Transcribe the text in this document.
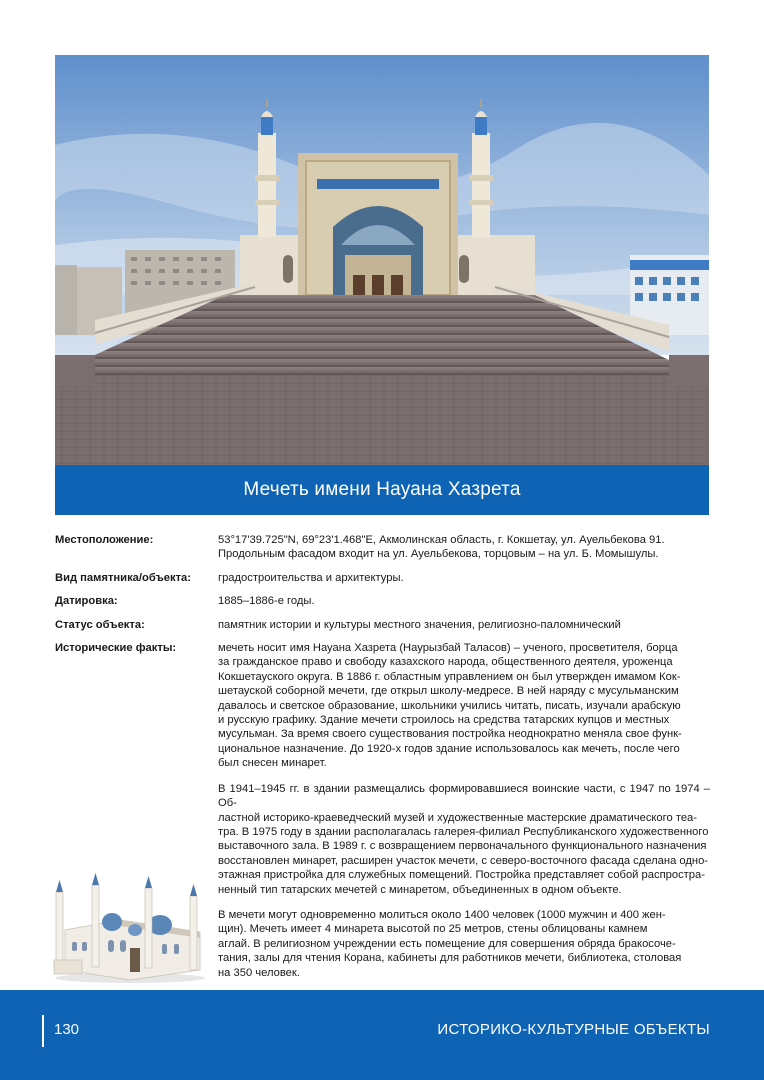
Мечеть имени Науана Хазрета
Местоположение:	53°17'39.725"N, 69°23'1.468"E, Акмолинская область, г. Кокшетау, ул. Ауельбекова 91.
Продольным фасадом входит на ул. Ауельбекова, торцовым – на ул. Б. Момышулы.

Вид памятника/объекта:	градостроительства и архитектуры.

Датировка:	1885–1886-е годы.

Статус объекта:	памятник истории и культуры местного значения, религиозно-паломнический

Исторические факты:	мечеть носит имя Науана Хазрета (Наурызбай Таласов) – ученого, просветителя, борца
за гражданское право и свободу казахского народа, общественного деятеля, уроженца
Кокшетауского округа. В 1886 г. областным управлением он был утвержден имамом Кок-
шетауской соборной мечети, где открыл школу-медресе. В ней наряду с мусульманским
давалось и светское образование, школьники учились читать, писать, изучали арабскую
и русскую графику. Здание мечети строилось на средства татарских купцов и местных
мусульман. За время своего существования постройка неоднократно меняла свое функ-
циональное назначение. До 1920-х годов здание использовалось как мечеть, после чего
был снесен минарет.

В 1941–1945 гг. в здании размещались формировавшиеся воинские части, с 1947 по 1974 – Об-
ластной историко-краеведческий музей и художественные мастерские драматического теа-
тра. В 1975 году в здании располагалась галерея-филиал Республиканского художественного
выставочного зала. В 1989 г. с возвращением первоначального функционального назначения
восстановлен минарет, расширен участок мечети, с северо-восточного фасада сделана одно-
этажная пристройка для служебных помещений. Постройка представляет собой распростра-
ненный тип татарских мечетей с минаретом, объединенных в одном объекте.

В мечети могут одновременно молиться около 1400 человек (1000 мужчин и 400 жен-
щин). Мечеть имеет 4 минарета высотой по 25 метров, стены облицованы камнем
аглай. В религиозном учреждении есть помещение для совершения обряда бракосоче-
тания, залы для чтения Корана, кабинеты для работников мечети, библиотека, столовая
на 350 человек.

130	ИСТОРИКО-КУЛЬТУРНЫЕ ОБЪЕКТЫ
